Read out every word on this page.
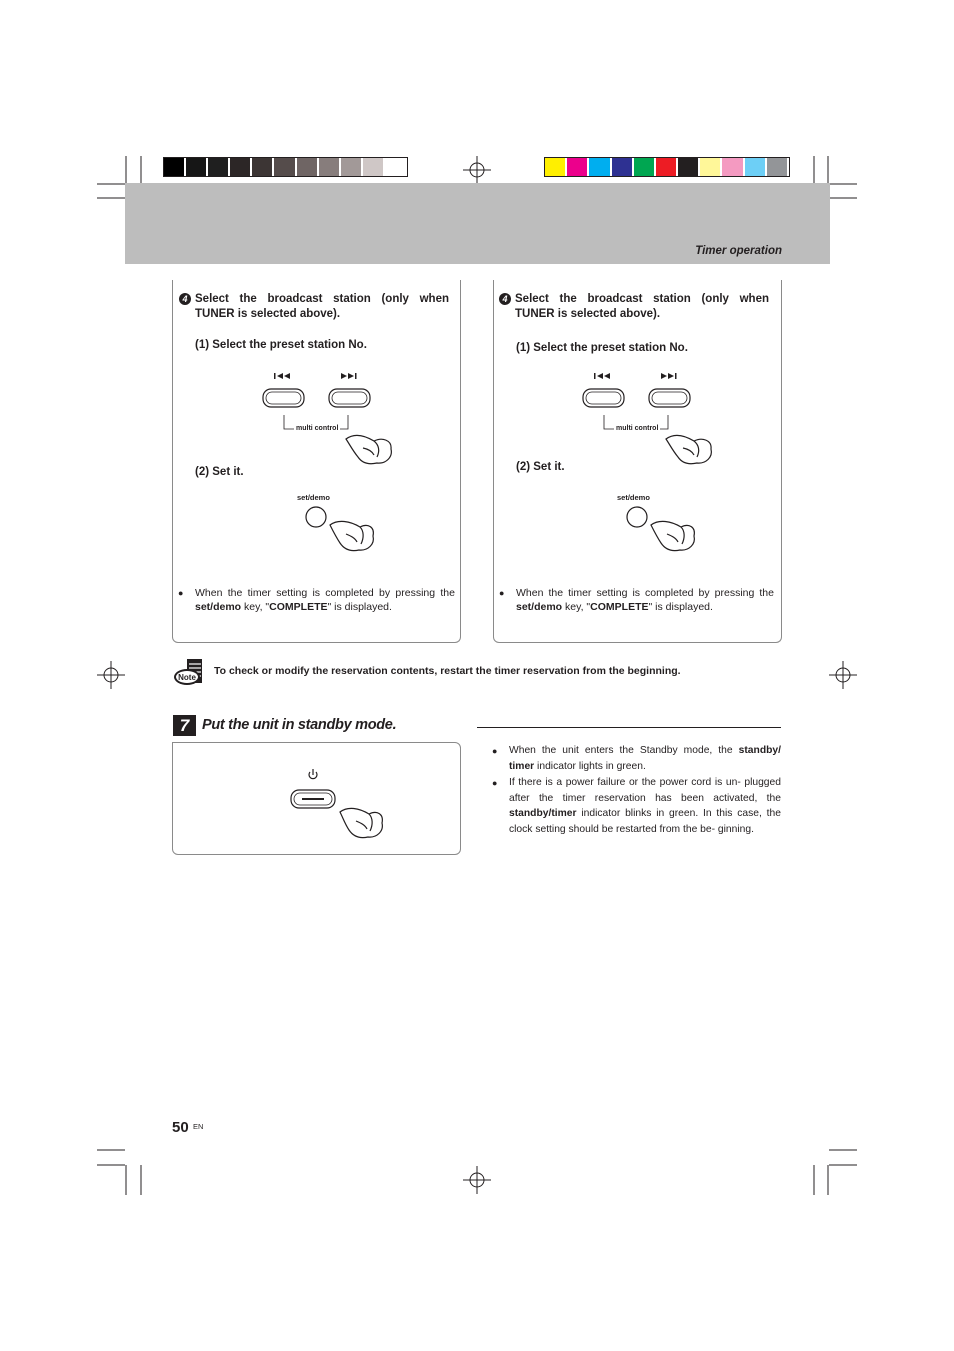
Timer operation
4 Select the broadcast station (only when TUNER is selected above).
(1) Select the preset station No.
multi control
(2) Set it.
set/demo
● When the timer setting is completed by pressing the set/demo key, "COMPLETE" is displayed.
4 Select the broadcast station (only when TUNER is selected above).
(1) Select the preset station No.
multi control
(2) Set it.
set/demo
● When the timer setting is completed by pressing the set/demo key, "COMPLETE" is displayed.
Note
To check or modify the reservation contents, restart the timer reservation from the beginning.
7 Put the unit in standby mode.
● When the unit enters the Standby mode, the standby/ timer indicator lights in green.
● If there is a power failure or the power cord is un- plugged after the timer reservation has been activated, the standby/timer indicator blinks in green. In this case, the clock setting should be restarted from the be- ginning.
50 EN
